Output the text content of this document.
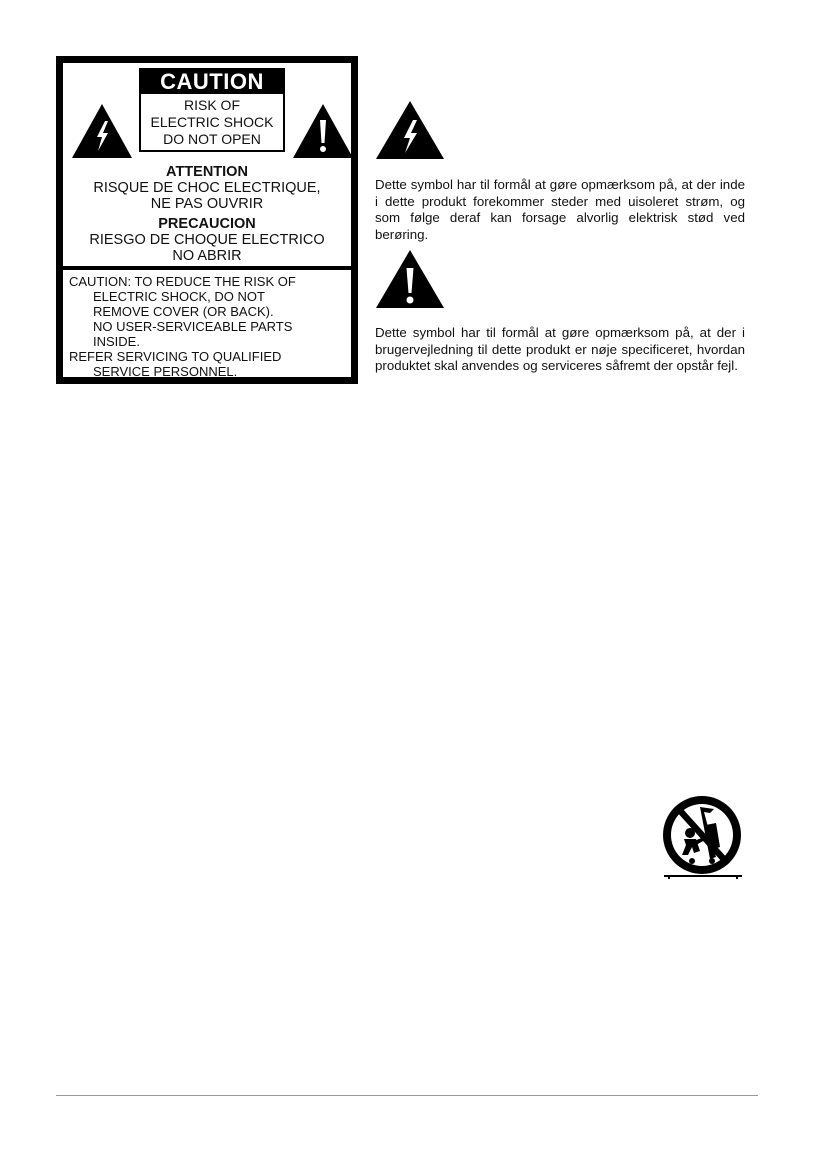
CAUTION
RISK OF
ELECTRIC SHOCK
DO NOT OPEN
ATTENTION
RISQUE DE CHOC ELECTRIQUE,
NE PAS OUVRIR
PRECAUCION
RIESGO DE CHOQUE ELECTRICO
NO ABRIR
CAUTION: TO REDUCE THE RISK OF
ELECTRIC SHOCK, DO NOT
REMOVE COVER (OR BACK).
NO USER-SERVICEABLE PARTS
INSIDE.
REFER SERVICING TO QUALIFIED
SERVICE PERSONNEL.
Dette symbol har til formål at gøre opmærksom på, at der inde i dette produkt forekommer steder med uisoleret strøm, og som følge deraf kan forsage alvorlig elektrisk stød ved berøring.
Dette symbol har til formål at gøre opmærksom på, at der i brugervejledning til dette produkt er nøje specificeret, hvordan produktet skal anvendes og serviceres såfremt der opstår fejl.
